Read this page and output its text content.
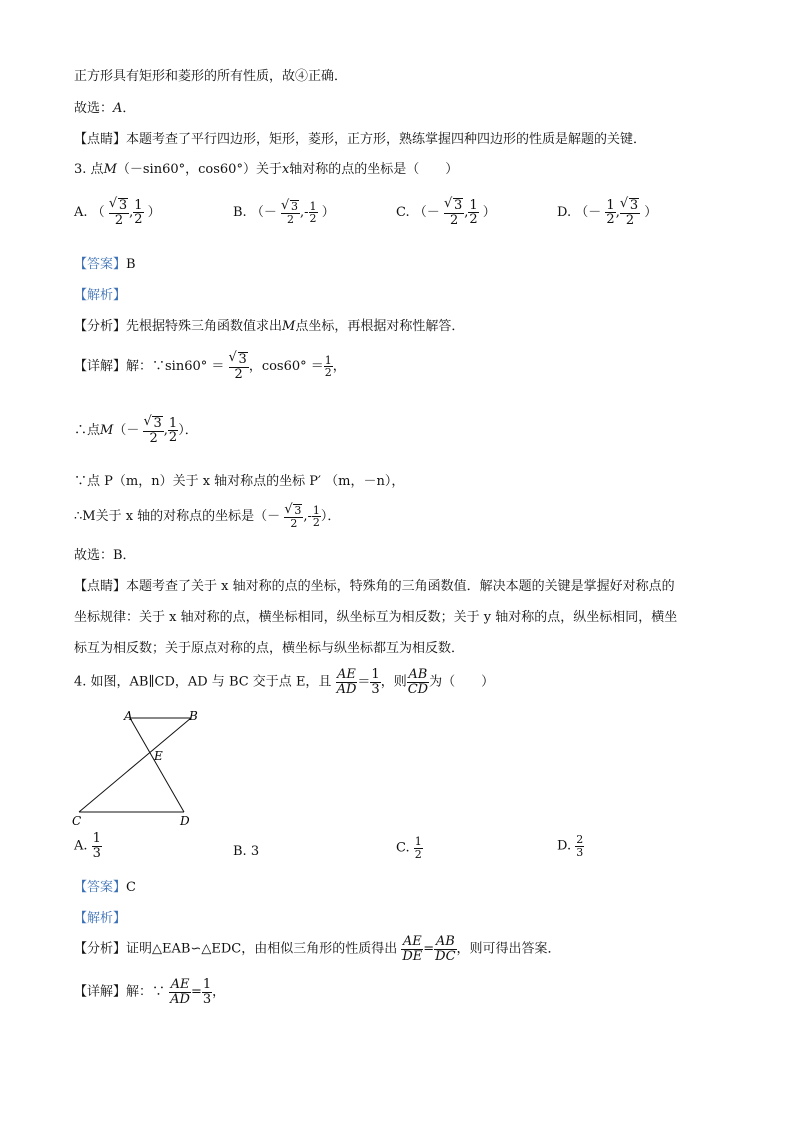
正方形具有矩形和菱形的所有性质，故④正确．
故选：A．
【点睛】本题考查了平行四边形，矩形，菱形，正方形，熟练掌握四种四边形的性质是解题的关键．
3. 点M（－sin60°，cos60°）关于x轴对称的点的坐标是（　　）
A. （ √ $\frac{3}{2}$ , $\frac{1}{2}$ ）	B. （－ √ $\frac{3}{2}$ ,- $\frac{1}{2}$ ）	C. （－ √ $\frac{3}{2}$ , $\frac{1}{2}$ ）	D. （－ $\frac{1}{2}$ , √ $\frac{3}{2}$ ）
【答案】B
【解析】
【分析】先根据特殊三角函数值求出M点坐标，再根据对称性解答．
【详解】解：∵sin60° ＝ √ $\frac{3}{2}$ ，$\cos 60^\circ = \frac{1}{2}$ ，
∴点M（－ √ $\frac{3}{2}$ , $\frac{1}{2}$ ）．
∵点 P（m，n）关于 x 轴对称点的坐标 P′ （m，－n），
∴M关于 x 轴的对称点的坐标是（－ √ $\frac{3}{2}$ ,- $\frac{1}{2}$ ）．
故选：B．
【点睛】本题考查了关于 x 轴对称的点的坐标，特殊角的三角函数值．解决本题的关键是掌握好对称点的
坐标规律：关于 x 轴对称的点，横坐标相同，纵坐标互为相反数；关于 y 轴对称的点，纵坐标相同，横坐
标互为相反数；关于原点对称的点，横坐标与纵坐标都互为相反数．
4. 如图，AB∥CD，AD 与 BC 交于点 E，且 $\frac{AE}{AD} = \frac{1}{3}$ ，则 $\frac{AB}{CD}$ 为（　　）
A	B
E
C	D
A. $\frac{1}{3}$	B. 3	C. $\frac{1}{2}$	D. $\frac{2}{3}$
【答案】C
【解析】
【分析】证明△EAB∽△EDC，由相似三角形的性质得出 $\frac{AE}{DE} = \frac{AB}{DC}$ ，则可得出答案．
【详解】解：∵ $\frac{AE}{AD} = \frac{1}{3}$ ，
